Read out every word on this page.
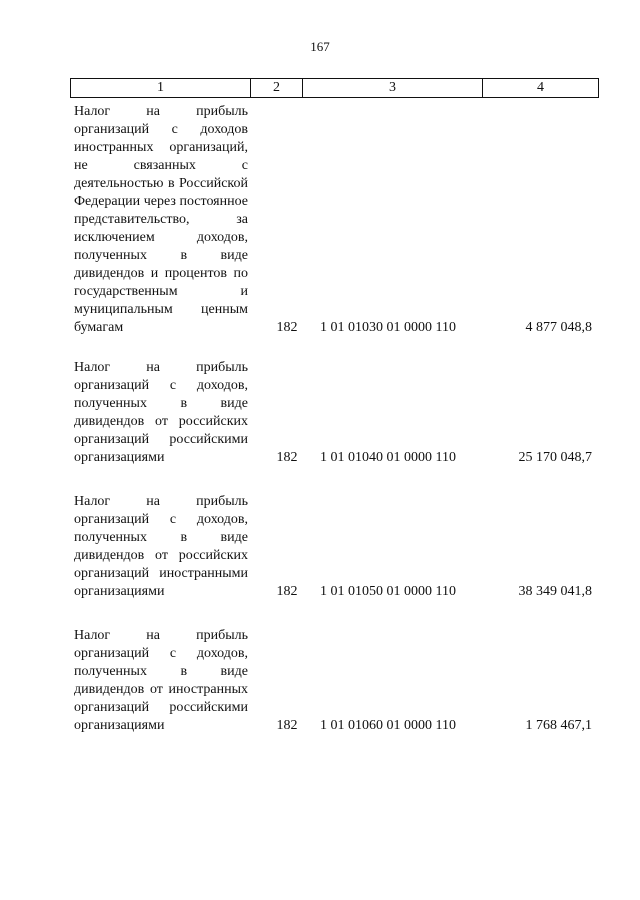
167
1	2	3	4
Налог на прибыль организаций с доходов иностранных организаций, не связанных с деятельностью в Российской Федерации через постоянное представительство, за исключением доходов, полученных в виде дивидендов и процентов по государственным и муниципальным ценным бумагам	182	1 01 01030 01 0000 110	4 877 048,8
Налог на прибыль организаций с доходов, полученных в виде дивидендов от российских организаций российскими организациями	182	1 01 01040 01 0000 110	25 170 048,7
Налог на прибыль организаций с доходов, полученных в виде дивидендов от российских организаций иностранными организациями	182	1 01 01050 01 0000 110	38 349 041,8
Налог на прибыль организаций с доходов, полученных в виде дивидендов от иностранных организаций российскими организациями	182	1 01 01060 01 0000 110	1 768 467,1
